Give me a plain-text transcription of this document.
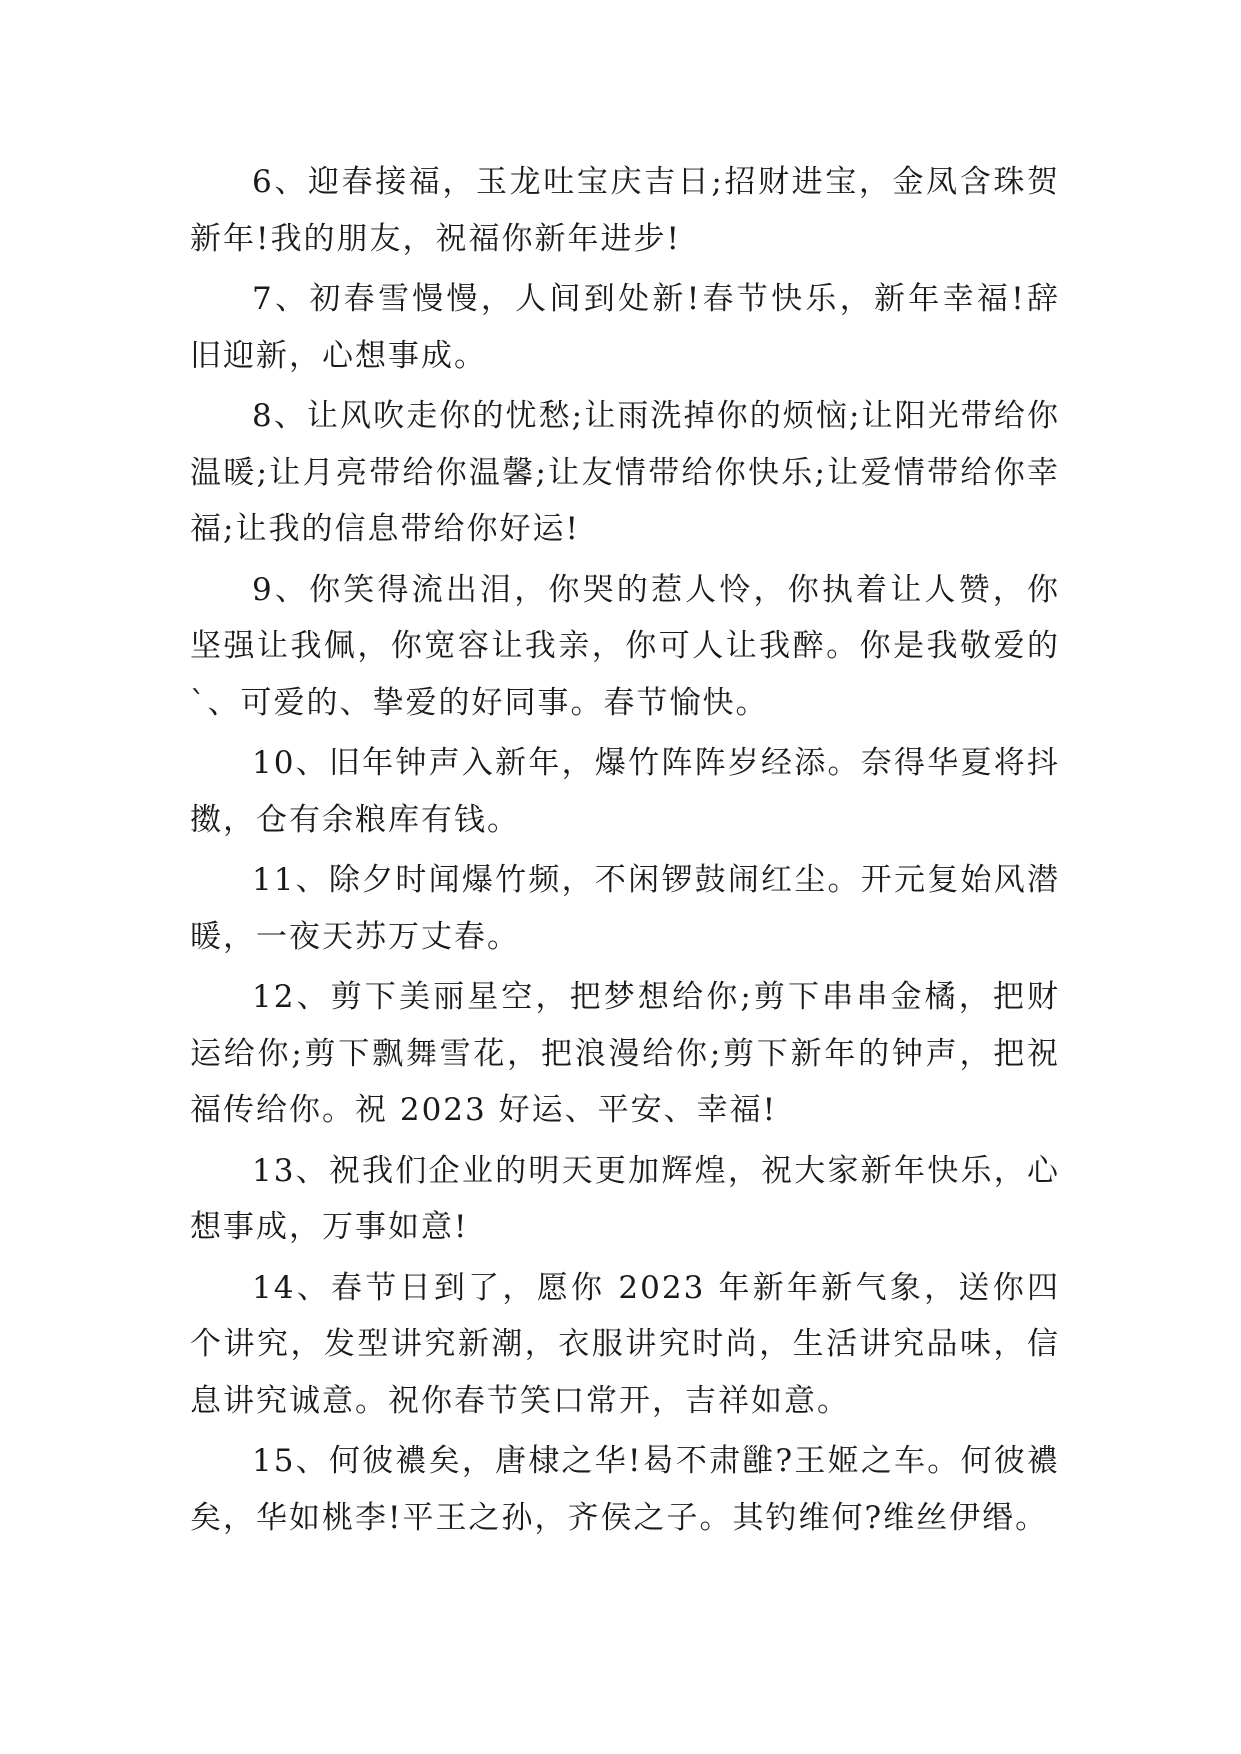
6、迎春接福，玉龙吐宝庆吉日;招财进宝，金凤含珠贺新年!我的朋友，祝福你新年进步!

7、初春雪慢慢，人间到处新!春节快乐，新年幸福!辞旧迎新，心想事成。

8、让风吹走你的忧愁;让雨洗掉你的烦恼;让阳光带给你温暖;让月亮带给你温馨;让友情带给你快乐;让爱情带给你幸福;让我的信息带给你好运!

9、你笑得流出泪，你哭的惹人怜，你执着让人赞，你坚强让我佩，你宽容让我亲，你可人让我醉。你是我敬爱的`、可爱的、挚爱的好同事。春节愉快。

10、旧年钟声入新年，爆竹阵阵岁经添。奈得华夏将抖擞，仓有余粮库有钱。

11、除夕时闻爆竹频，不闲锣鼓闹红尘。开元复始风潜暖，一夜天苏万丈春。

12、剪下美丽星空，把梦想给你;剪下串串金橘，把财运给你;剪下飘舞雪花，把浪漫给你;剪下新年的钟声，把祝福传给你。祝 2023 好运、平安、幸福!

13、祝我们企业的明天更加辉煌，祝大家新年快乐，心想事成，万事如意!

14、春节日到了，愿你 2023 年新年新气象，送你四个讲究，发型讲究新潮，衣服讲究时尚，生活讲究品味，信息讲究诚意。祝你春节笑口常开，吉祥如意。

15、何彼襛矣，唐棣之华!曷不肃雝?王姬之车。何彼襛矣，华如桃李!平王之孙，齐侯之子。其钓维何?维丝伊缗。
